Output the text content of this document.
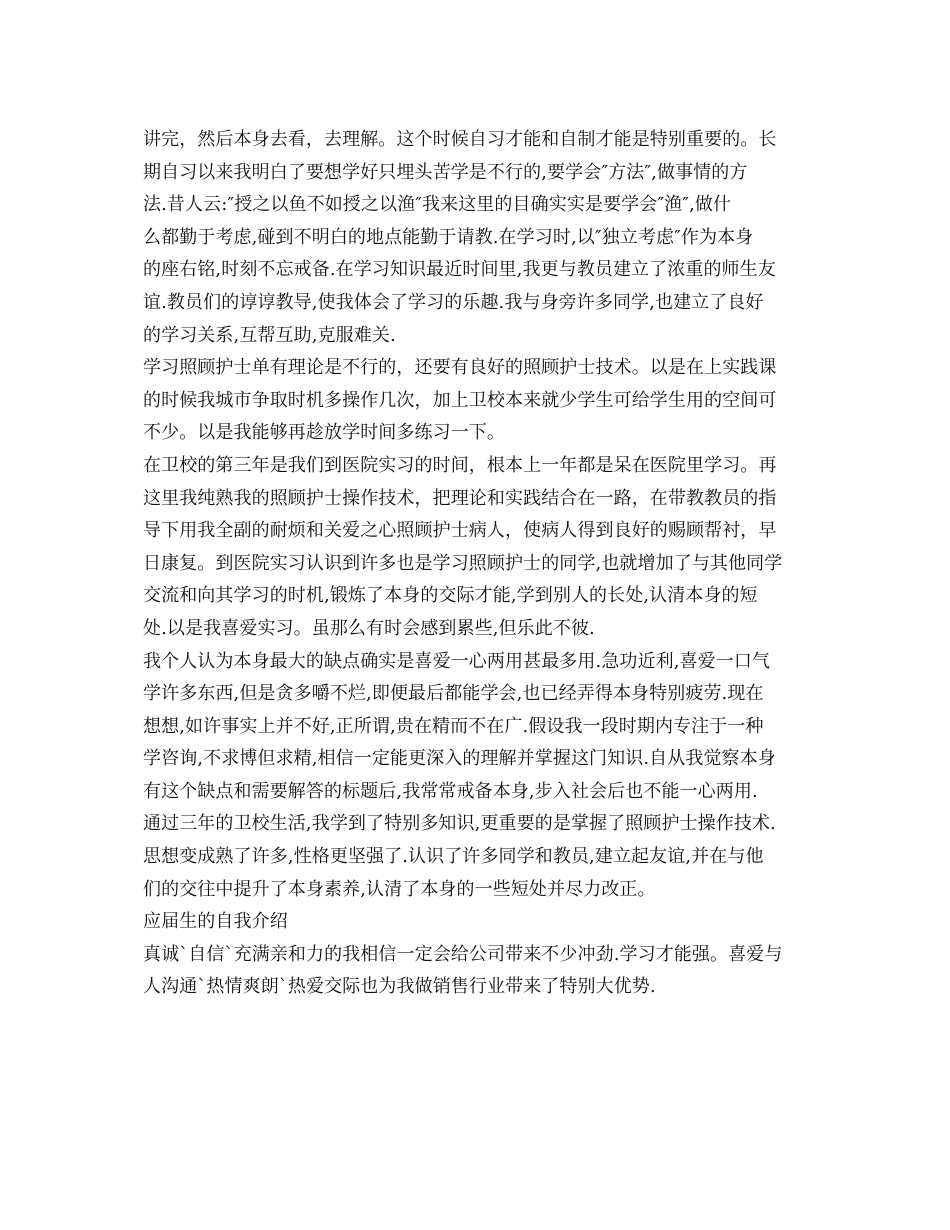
讲完，然后本身去看，去理解。这个时候自习才能和自制才能是特别重要的。长
期自习以来我明白了要想学好只埋头苦学是不行的,要学会″方法″,做事情的方
法.昔人云:″授之以鱼不如授之以渔″我来这里的目确实实是要学会″渔″,做什
么都勤于考虑,碰到不明白的地点能勤于请教.在学习时,以″独立考虑″作为本身
的座右铭,时刻不忘戒备.在学习知识最近时间里,我更与教员建立了浓重的师生友
谊.教员们的谆谆教导,使我体会了学习的乐趣.我与身旁许多同学,也建立了良好
的学习关系,互帮互助,克服难关.
学习照顾护士单有理论是不行的，还要有良好的照顾护士技术。以是在上实践课
的时候我城市争取时机多操作几次，加上卫校本来就少学生可给学生用的空间可
不少。以是我能够再趁放学时间多练习一下。
在卫校的第三年是我们到医院实习的时间，根本上一年都是呆在医院里学习。再
这里我纯熟我的照顾护士操作技术，把理论和实践结合在一路，在带教教员的指
导下用我全副的耐烦和关爱之心照顾护士病人，使病人得到良好的赐顾帮衬，早
日康复。到医院实习认识到许多也是学习照顾护士的同学,也就增加了与其他同学
交流和向其学习的时机,锻炼了本身的交际才能,学到别人的长处,认清本身的短
处.以是我喜爱实习。虽那么有时会感到累些,但乐此不彼.
我个人认为本身最大的缺点确实是喜爱一心两用甚最多用.急功近利,喜爱一口气
学许多东西,但是贪多嚼不烂,即便最后都能学会,也已经弄得本身特别疲劳.现在
想想,如许事实上并不好,正所谓,贵在精而不在广.假设我一段时期内专注于一种
学咨询,不求博但求精,相信一定能更深入的理解并掌握这门知识.自从我觉察本身
有这个缺点和需要解答的标题后,我常常戒备本身,步入社会后也不能一心两用.
通过三年的卫校生活,我学到了特别多知识,更重要的是掌握了照顾护士操作技术.
思想变成熟了许多,性格更坚强了.认识了许多同学和教员,建立起友谊,并在与他
们的交往中提升了本身素养,认清了本身的一些短处并尽力改正。
应届生的自我介绍
真诚`自信`充满亲和力的我相信一定会给公司带来不少冲劲.学习才能强。喜爱与
人沟通`热情爽朗`热爱交际也为我做销售行业带来了特别大优势.
